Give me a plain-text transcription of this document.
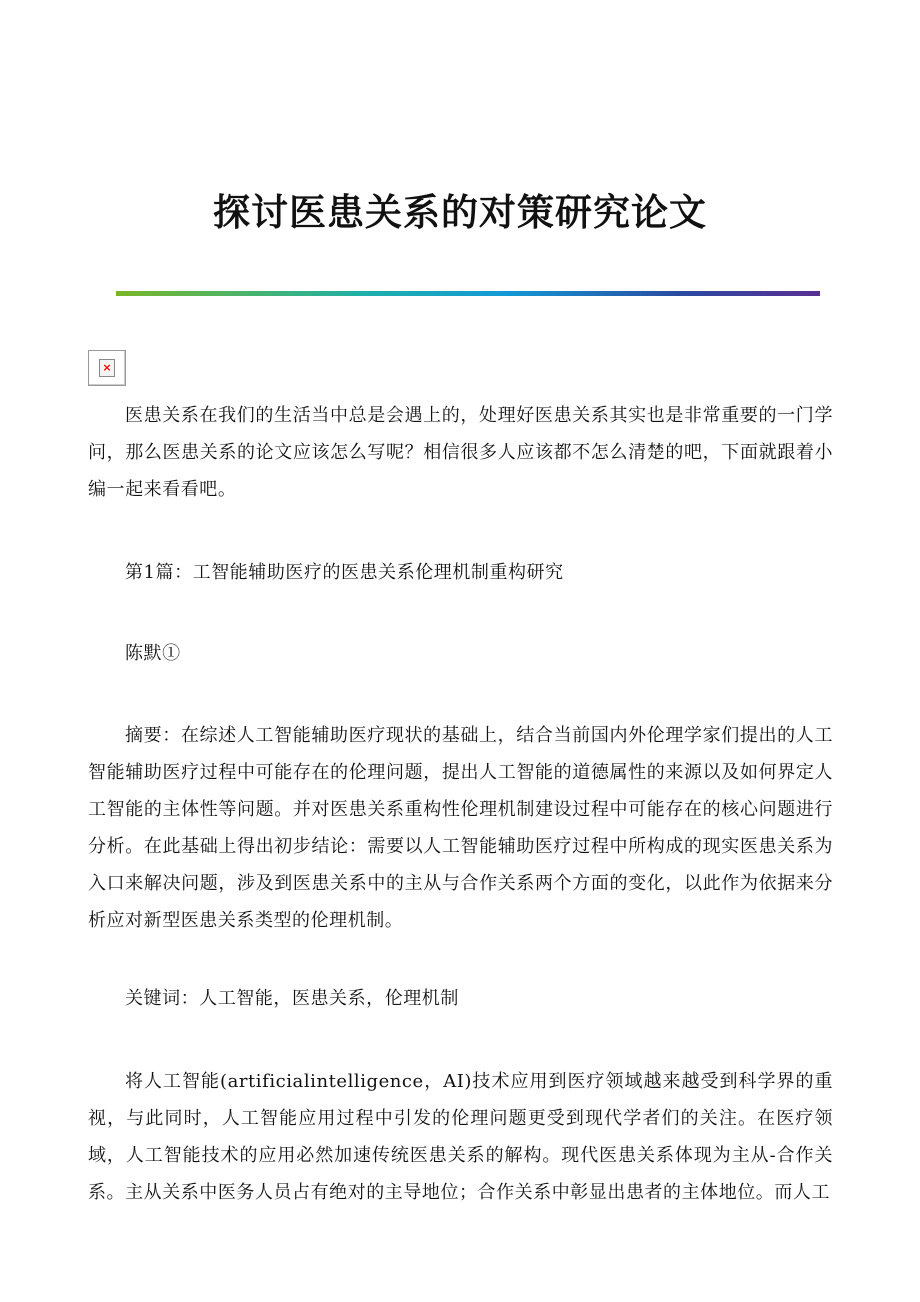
探讨医患关系的对策研究论文
×

医患关系在我们的生活当中总是会遇上的，处理好医患关系其实也是非常重要的一门学问，那么医患关系的论文应该怎么写呢？相信很多人应该都不怎么清楚的吧，下面就跟着小编一起来看看吧。

第1篇：工智能辅助医疗的医患关系伦理机制重构研究

陈默①

摘要：在综述人工智能辅助医疗现状的基础上，结合当前国内外伦理学家们提出的人工智能辅助医疗过程中可能存在的伦理问题，提出人工智能的道德属性的来源以及如何界定人工智能的主体性等问题。并对医患关系重构性伦理机制建设过程中可能存在的核心问题进行分析。在此基础上得出初步结论：需要以人工智能辅助医疗过程中所构成的现实医患关系为入口来解决问题，涉及到医患关系中的主从与合作关系两个方面的变化，以此作为依据来分析应对新型医患关系类型的伦理机制。

关键词：人工智能，医患关系，伦理机制

将人工智能(artificialintelligence，AI)技术应用到医疗领域越来越受到科学界的重视，与此同时，人工智能应用过程中引发的伦理问题更受到现代学者们的关注。在医疗领域，人工智能技术的应用必然加速传统医患关系的解构。现代医患关系体现为主从-合作关系。主从关系中医务人员占有绝对的主导地位；合作关系中彰显出患者的主体地位。而人工
